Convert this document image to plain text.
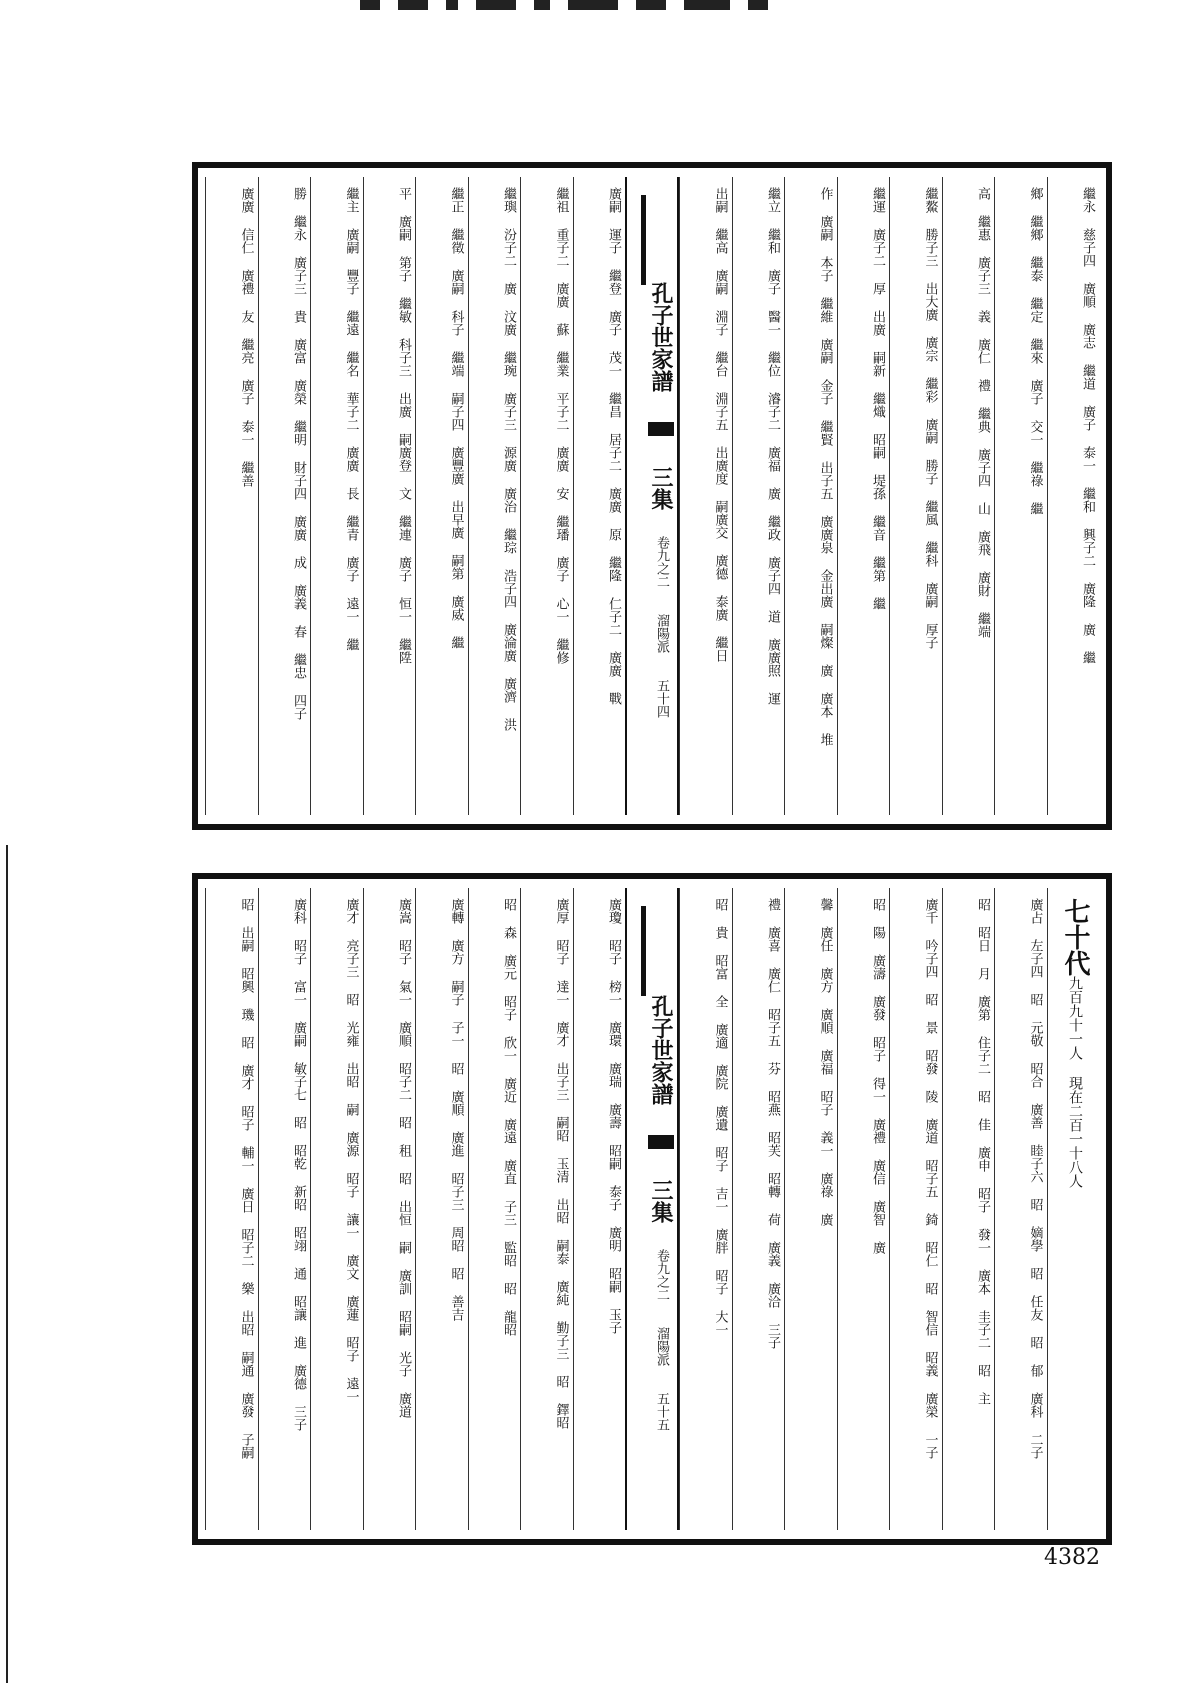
繼永 慈子四 廣順 廣志 繼道 廣子 泰一 繼和 興子二 廣隆 廣 繼
鄉 繼鄉 繼泰 繼定 繼來 廣子 交一 繼祿 繼
高 繼惠 廣子三 義 廣仁 禮 繼典 廣子四 山 廣飛 廣財 繼端
繼鰲 勝子三 出大廣 廣宗 繼彩 廣嗣 勝子 繼風 繼科 廣嗣 厚子
繼運 廣子二 厚 出廣 嗣新 繼熾 昭嗣 堤孫 繼音 繼第 繼
作 廣嗣 本子 繼維 廣嗣 金子 繼賢 出子五 廣廣泉 金出廣 嗣燦 廣 廣本 堆
繼立 繼和 廣子 醫一 繼位 濬子二 廣福 廣 繼政 廣子四 道 廣廣照 運
出嗣 繼高 廣嗣 淵子 繼台 淵子五 出廣度 嗣廣交 廣德 泰廣 繼日
孔子世家譜  三集 卷九之二 溜陽派 五十四
廣嗣 運子 繼登 廣子 茂一 繼昌 居子二 廣廣 原 繼隆 仁子二 廣廣 戰
繼祖 重子二 廣廣 蘇 繼業 平子二 廣廣 安 繼璠 廣子 心一 繼修
繼璵 汾子二 廣 汶廣 繼琬 廣子三 源廣 廣治 繼琮 浩子四 廣淪廣 廣濟 洪
繼正 繼徵 廣嗣 科子 繼端 嗣子四 廣豐廣 出早廣 嗣第 廣威 繼
平 廣嗣 第子 繼敏 科子三 出廣 嗣廣登 文 繼連 廣子 恒一 繼陞
繼主 廣嗣 豐子 繼遠 繼名 華子二 廣廣 長 繼青 廣子 遠一 繼
勝 繼永 廣子三 貴 廣富 廣榮 繼明 財子四 廣廣 成 廣義 春 繼忠 四子
廣廣 信仁 廣禮 友 繼亮 廣子 泰一 繼善
七十代九百九十一人 現在二百一十八人
廣占 左子四 昭 元敬 昭合 廣善 睦子六 昭 嫡學 昭 任友 昭 郁 廣科 二子
昭 昭日 月 廣第 住子二 昭 佳 廣申 昭子 發一 廣本 圭子二 昭 主
廣千 吟子四 昭 景 昭發 陵 廣道 昭子五 錡 昭仁 昭 智信 昭義 廣榮 一子
昭 陽 廣濤 廣發 昭子 得一 廣禮 廣信 廣智 廣
馨 廣任 廣方 廣順 廣福 昭子 義一 廣祿 廣
禮 廣喜 廣仁 昭子五 芬 昭燕 昭芙 昭轉 荷 廣義 廣洽 三子
昭 貴 昭富 全 廣適 廣院 廣遺 昭子 吉一 廣胖 昭子 大一
孔子世家譜  三集 卷九之二 溜陽派 五十五
廣瓊 昭子 榜一 廣環 廣瑞 廣壽 昭嗣 泰子 廣明 昭嗣 玉子
廣厚 昭子 達一 廣才 出子三 嗣昭 玉清 出昭 嗣泰 廣純 勤子三 昭 鐸昭
昭 森 廣元 昭子 欣一 廣近 廣遠 廣直 子三 監昭 昭 龍昭
廣轉 廣方 嗣子 子一 昭 廣順 廣進 昭子三 周昭 昭 善吉
廣嵩 昭子 氣一 廣順 昭子二 昭 租 昭 出恒 嗣 廣訓 昭嗣 光子 廣道
廣才 亮子三 昭 光雍 出昭 嗣 廣源 昭子 讓一 廣文 廣蓮 昭子 遠一
廣科 昭子 富一 廣嗣 敏子七 昭 昭乾 新昭 昭翊 通 昭讓 進 廣德 三子
昭 出嗣 昭興 璣 昭 廣才 昭子 輔一 廣日 昭子二 樂 出昭 嗣通 廣發 子嗣
4382
